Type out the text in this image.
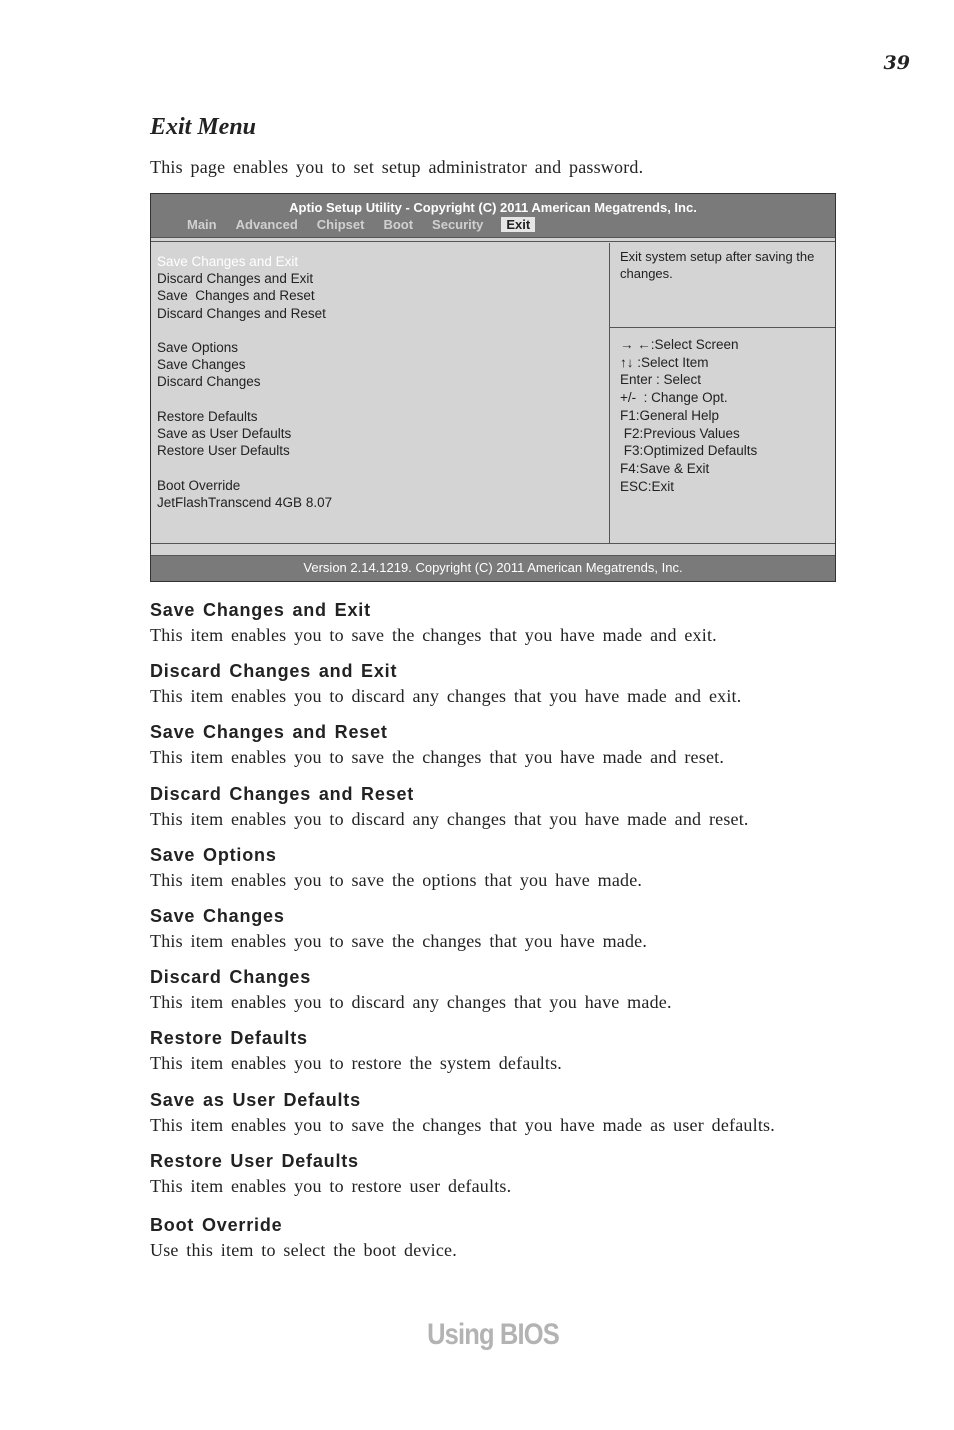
39
Exit Menu

This page enables you to set setup administrator and password.

Aptio Setup Utility - Copyright (C) 2011 American Megatrends, Inc.
Main Advanced Chipset Boot Security	Exit
Save Changes and Exit
Discard Changes and Exit
Save  Changes and Reset
Discard Changes and Reset
Save Options
Save Changes
Discard Changes
Restore Defaults
Save as User Defaults
Restore User Defaults
Boot Override
JetFlashTranscend 4GB 8.07
Exit system setup after saving the changes.
→ ←:Select Screen
↑↓ :Select Item
Enter : Select
+/-  : Change Opt.
F1:General Help
F2:Previous Values
F3:Optimized Defaults
F4:Save & Exit
ESC:Exit
Version 2.14.1219. Copyright (C) 2011 American Megatrends, Inc.
Save Changes and Exit

This item enables you to save the changes that you have made and exit.

Discard Changes and Exit

This item enables you to discard any changes that you have made and exit.

Save Changes and Reset

This item enables you to save the changes that you have made and reset.

Discard Changes and Reset

This item enables you to discard any changes that you have made and reset.

Save Options

This item enables you to save the options that you have made.

Save Changes

This item enables you to save the changes that you have made.

Discard Changes

This item enables you to discard any changes that you have made.

Restore Defaults

This item enables you to restore the system defaults.

Save as User Defaults

This item enables you to save the changes that you have made as user defaults.

Restore User Defaults

This item enables you to restore user defaults.

Boot Override

Use this item to select the boot device.

Using BIOS
